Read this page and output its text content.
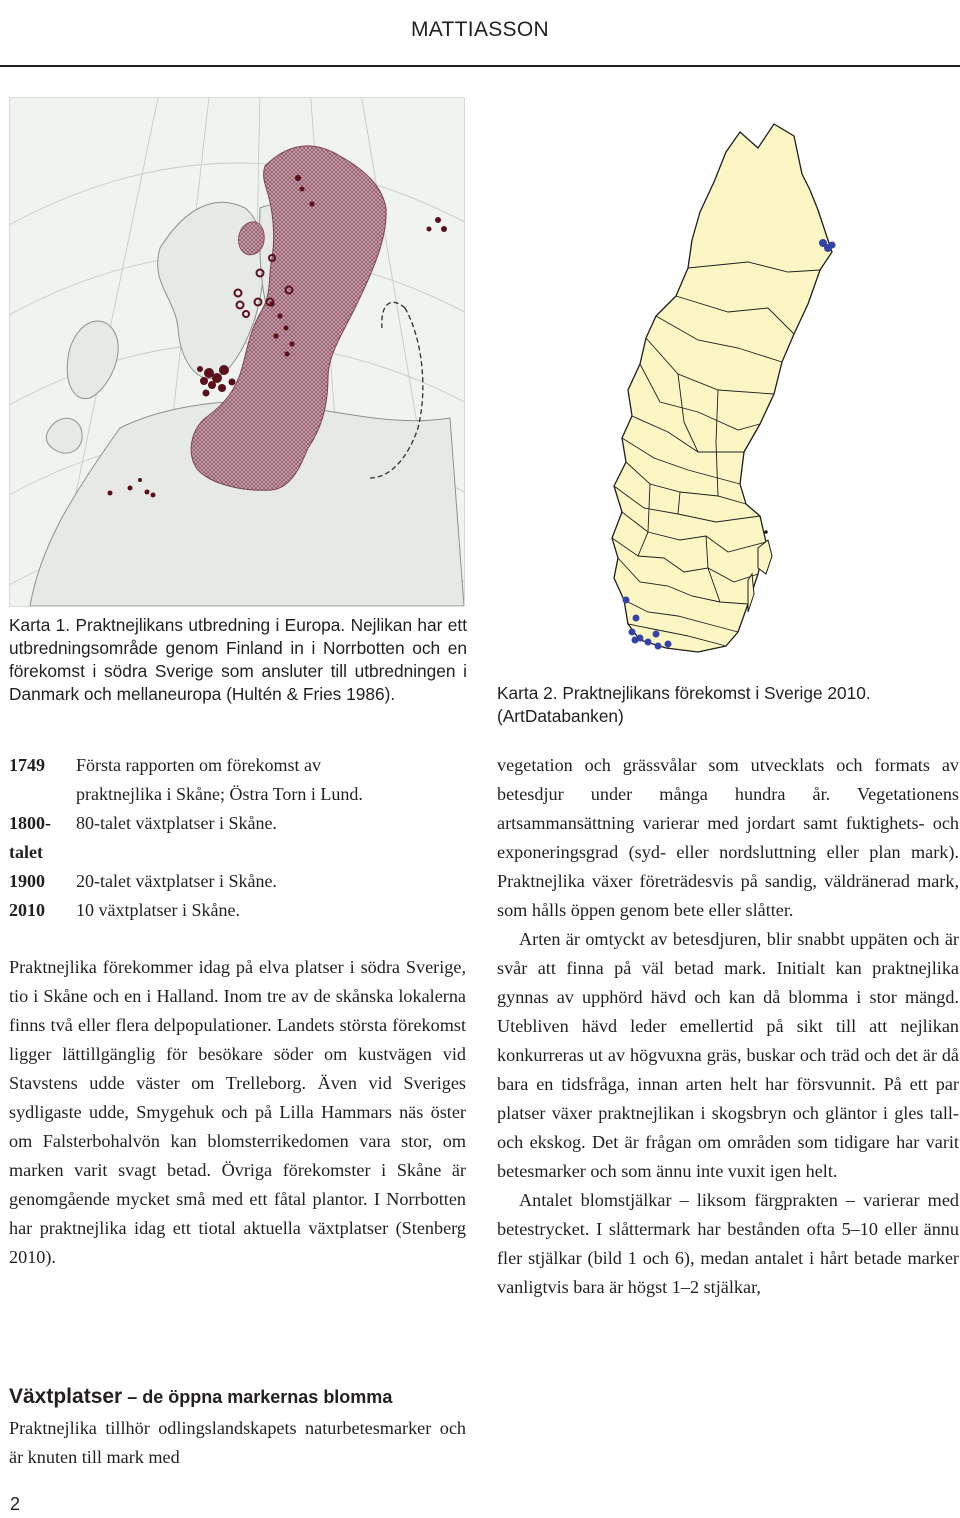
MATTIASSON
Karta 1. Praktnejlikans utbredning i Europa. Nejlikan har ett utbredningsområde genom Finland in i Norrbotten och en förekomst i södra Sverige som ansluter till utbredningen i Danmark och mellaneuropa (Hultén & Fries 1986).	Karta 2. Praktnejlikans förekomst i Sverige 2010.
(ArtDatabanken)
1749 Första rapporten om förekomst av
praktnejlika i Skåne; Östra Torn i Lund.
1800- 80-talet växtplatser i Skåne.
talet
1900 20-talet växtplatser i Skåne.
2010 10 växtplatser i Skåne.

Praktnejlika förekommer idag på elva platser i södra Sverige, tio i Skåne och en i Halland. Inom tre av de skånska lokalerna finns två eller flera delpopulationer. Landets största förekomst ligger lättillgänglig för besökare söder om kustvägen vid Stavstens udde väster om Trelleborg. Även vid Sveriges sydligaste udde, Smygehuk och på Lilla Hammars näs öster om Falsterbohalvön kan blomsterrikedomen vara stor, om marken varit svagt betad. Övriga förekomster i Skåne är genomgående mycket små med ett fåtal plantor. I Norrbotten har praktnejlika idag ett tiotal aktuella växtplatser (Stenberg 2010).

Växtplatser – de öppna markernas blomma

Praktnejlika tillhör odlingslandskapets naturbetesmarker och är knuten till mark med

vegetation och grässvålar som utvecklats och formats av betesdjur under många hundra år. Vegetationens artsammansättning varierar med jordart samt fuktighets- och exponeringsgrad (syd- eller nordsluttning eller plan mark). Praktnejlika växer företrädesvis på sandig, väldränerad mark, som hålls öppen genom bete eller slåtter.

Arten är omtyckt av betesdjuren, blir snabbt uppäten och är svår att finna på väl betad mark. Initialt kan praktnejlika gynnas av upphörd hävd och kan då blomma i stor mängd. Utebliven hävd leder emellertid på sikt till att nejlikan konkurreras ut av högvuxna gräs, buskar och träd och det är då bara en tidsfråga, innan arten helt har försvunnit. På ett par platser växer praktnejlikan i skogsbryn och gläntor i gles tall- och ekskog. Det är frågan om områden som tidigare har varit betesmarker och som ännu inte vuxit igen helt.

Antalet blomstjälkar – liksom färgprakten – varierar med betestrycket. I slåttermark har bestånden ofta 5–10 eller ännu fler stjälkar (bild 1 och 6), medan antalet i hårt betade marker vanligtvis bara är högst 1–2 stjälkar,

2
